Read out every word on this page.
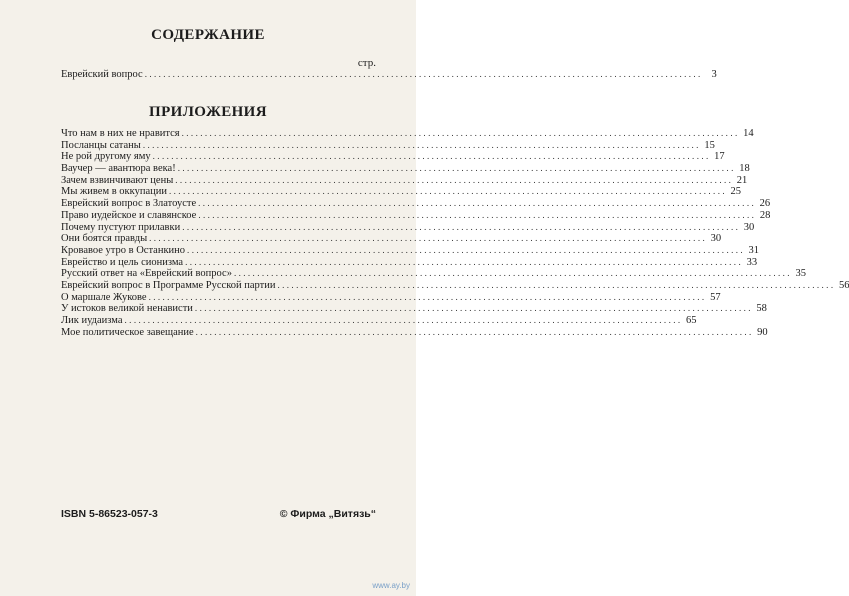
СОДЕРЖАНИЕ
стр.
Еврейский вопрос ........................................................................................................................ 3
ПРИЛОЖЕНИЯ
Что нам в них не нравится ........................................................................................................................ 14
Посланцы сатаны ........................................................................................................................ 15
Не рой другому яму ........................................................................................................................ 17
Ваучер — авантюра века! ........................................................................................................................ 18
Зачем взвинчивают цены ........................................................................................................................ 21
Мы живем в оккупации ........................................................................................................................ 25
Еврейский вопрос в Златоусте ........................................................................................................................ 26
Право иудейское и славянское ........................................................................................................................ 28
Почему пустуют прилавки ........................................................................................................................ 30
Они боятся правды ........................................................................................................................ 30
Кровавое утро в Останкино ........................................................................................................................ 31
Еврейство и цель сионизма ........................................................................................................................ 33
Русский ответ на «Еврейский вопрос» ........................................................................................................................ 35
Еврейский вопрос в Программе Русской партии ........................................................................................................................ 56
О маршале Жукове ........................................................................................................................ 57
У истоков великой ненависти ........................................................................................................................ 58
Лик иудаизма ........................................................................................................................ 65
Мое политическое завещание ........................................................................................................................ 90
ISBN 5-86523-057-3	© Фирма „Витязь“
www.ay.by
